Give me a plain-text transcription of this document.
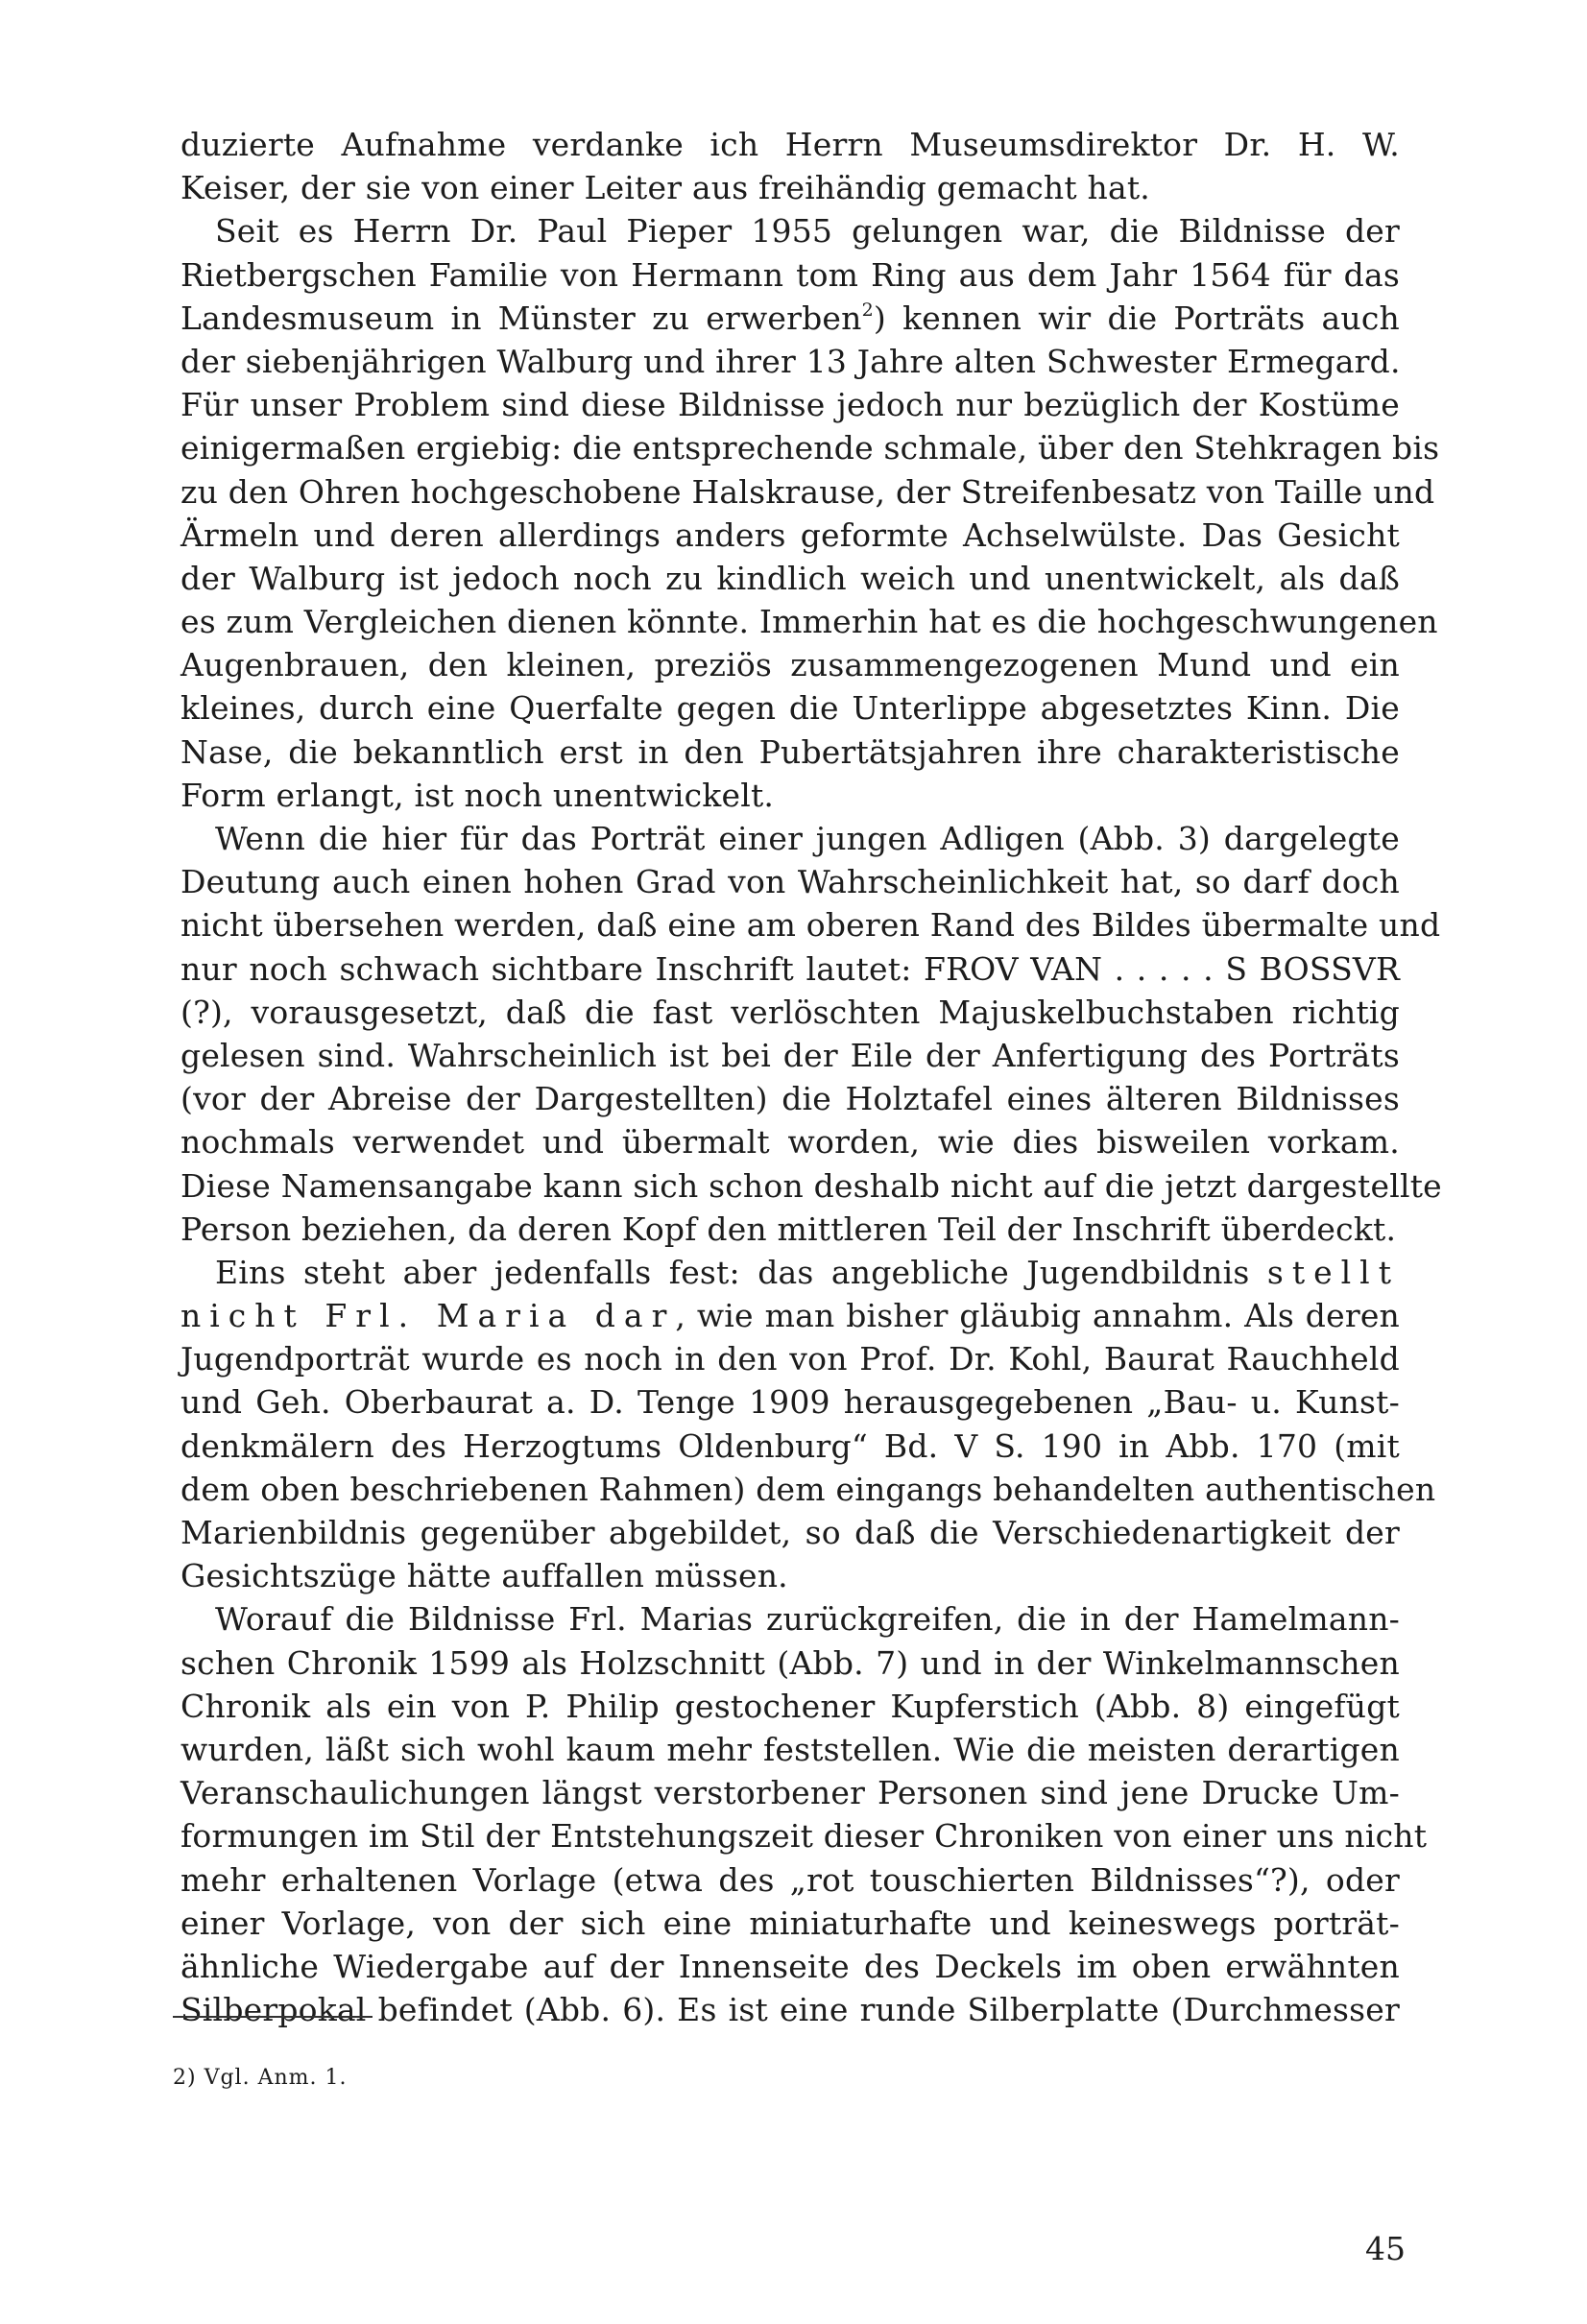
duzierte Aufnahme verdanke ich Herrn Museumsdirektor Dr. H. W.
Keiser, der sie von einer Leiter aus freihändig gemacht hat.
Seit es Herrn Dr. Paul Pieper 1955 gelungen war, die Bildnisse der
Rietbergschen Familie von Hermann tom Ring aus dem Jahr 1564 für das
Landesmuseum in Münster zu erwerben$^2$) kennen wir die Porträts auch
der siebenjährigen Walburg und ihrer 13 Jahre alten Schwester Ermegard.
Für unser Problem sind diese Bildnisse jedoch nur bezüglich der Kostüme
einigermaßen ergiebig: die entsprechende schmale, über den Stehkragen bis
zu den Ohren hochgeschobene Halskrause, der Streifenbesatz von Taille und
Ärmeln und deren allerdings anders geformte Achselwülste. Das Gesicht
der Walburg ist jedoch noch zu kindlich weich und unentwickelt, als daß
es zum Vergleichen dienen könnte. Immerhin hat es die hochgeschwungenen
Augenbrauen, den kleinen, preziös zusammengezogenen Mund und ein
kleines, durch eine Querfalte gegen die Unterlippe abgesetztes Kinn. Die
Nase, die bekanntlich erst in den Pubertätsjahren ihre charakteristische
Form erlangt, ist noch unentwickelt.
Wenn die hier für das Porträt einer jungen Adligen (Abb. 3) dargelegte
Deutung auch einen hohen Grad von Wahrscheinlichkeit hat, so darf doch
nicht übersehen werden, daß eine am oberen Rand des Bildes übermalte und
nur noch schwach sichtbare Inschrift lautet: FROV VAN . . . . . S BOSSVR
(?), vorausgesetzt, daß die fast verlöschten Majuskelbuchstaben richtig
gelesen sind. Wahrscheinlich ist bei der Eile der Anfertigung des Porträts
(vor der Abreise der Dargestellten) die Holztafel eines älteren Bildnisses
nochmals verwendet und übermalt worden, wie dies bisweilen vorkam.
Diese Namensangabe kann sich schon deshalb nicht auf die jetzt dargestellte
Person beziehen, da deren Kopf den mittleren Teil der Inschrift überdeckt.
Eins steht aber jedenfalls fest: das angebliche Jugendbildnis stellt
nicht Frl. Maria dar, wie man bisher gläubig annahm. Als deren
Jugendporträt wurde es noch in den von Prof. Dr. Kohl, Baurat Rauchheld
und Geh. Oberbaurat a. D. Tenge 1909 herausgegebenen „Bau- u. Kunst-
denkmälern des Herzogtums Oldenburg“ Bd. V S. 190 in Abb. 170 (mit
dem oben beschriebenen Rahmen) dem eingangs behandelten authentischen
Marienbildnis gegenüber abgebildet, so daß die Verschiedenartigkeit der
Gesichtszüge hätte auffallen müssen.
Worauf die Bildnisse Frl. Marias zurückgreifen, die in der Hamelmann-
schen Chronik 1599 als Holzschnitt (Abb. 7) und in der Winkelmannschen
Chronik als ein von P. Philip gestochener Kupferstich (Abb. 8) eingefügt
wurden, läßt sich wohl kaum mehr feststellen. Wie die meisten derartigen
Veranschaulichungen längst verstorbener Personen sind jene Drucke Um-
formungen im Stil der Entstehungszeit dieser Chroniken von einer uns nicht
mehr erhaltenen Vorlage (etwa des „rot touschierten Bildnisses“?), oder
einer Vorlage, von der sich eine miniaturhafte und keineswegs porträt-
ähnliche Wiedergabe auf der Innenseite des Deckels im oben erwähnten
Silberpokal befindet (Abb. 6). Es ist eine runde Silberplatte (Durchmesser
2) Vgl. Anm. 1.
45
